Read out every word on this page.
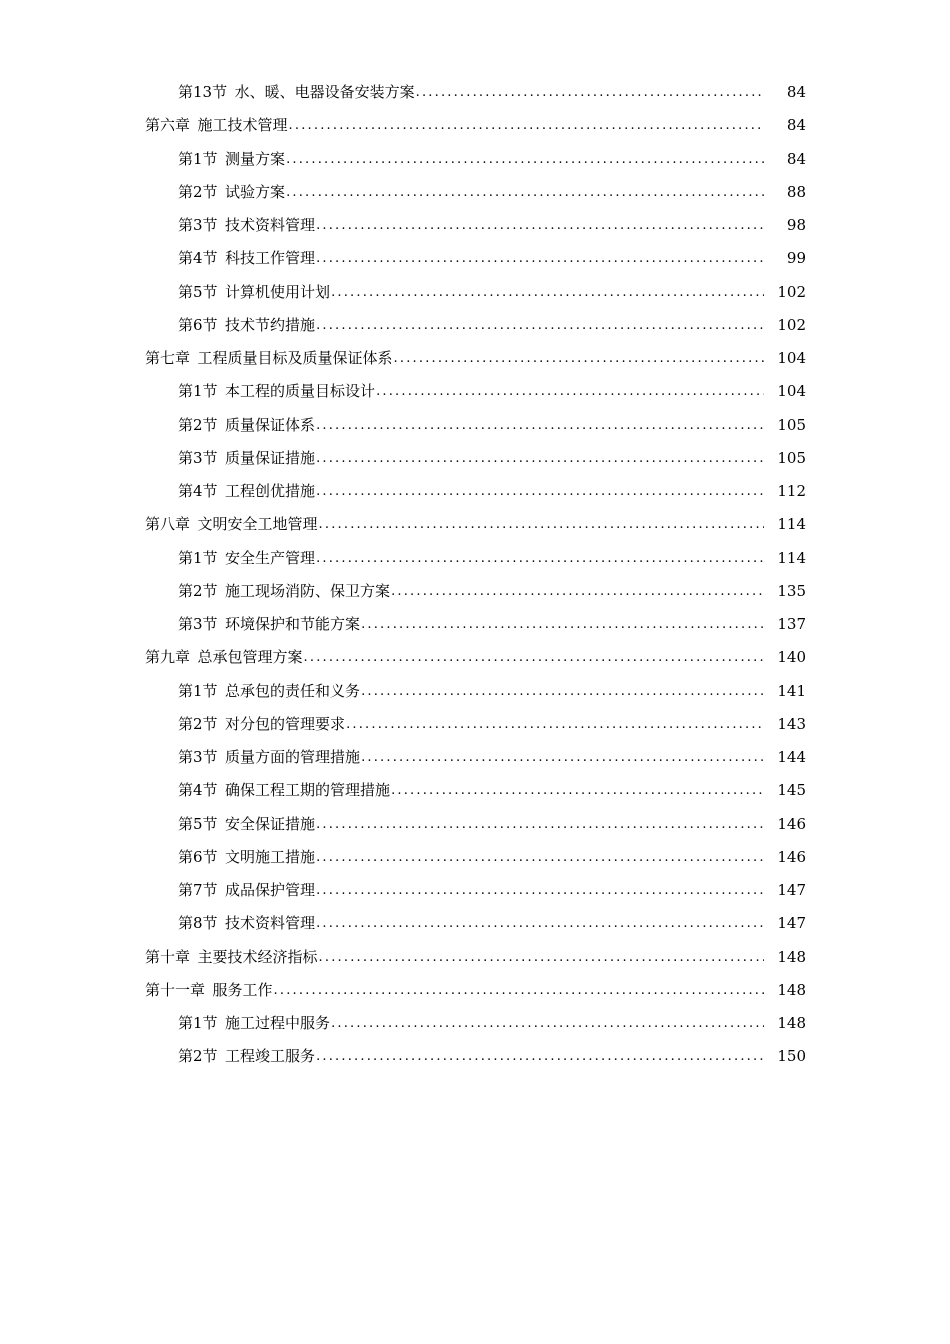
第13节 水、暖、电器设备安装方案 .....	84
第六章 施工技术管理 .....	84
第1节 测量方案 .....	84
第2节 试验方案 .....	88
第3节 技术资料管理 .....	98
第4节 科技工作管理 .....	99
第5节 计算机使用计划 .....	102
第6节 技术节约措施 .....	102
第七章 工程质量目标及质量保证体系 .....	104
第1节 本工程的质量目标设计 .....	104
第2节 质量保证体系 .....	105
第3节 质量保证措施 .....	105
第4节 工程创优措施 .....	112
第八章 文明安全工地管理 .....	114
第1节 安全生产管理 .....	114
第2节 施工现场消防、保卫方案 .....	135
第3节 环境保护和节能方案 .....	137
第九章 总承包管理方案 .....	140
第1节 总承包的责任和义务 .....	141
第2节 对分包的管理要求 .....	143
第3节 质量方面的管理措施 .....	144
第4节 确保工程工期的管理措施 .....	145
第5节 安全保证措施 .....	146
第6节 文明施工措施 .....	146
第7节 成品保护管理 .....	147
第8节 技术资料管理 .....	147
第十章 主要技术经济指标 .....	148
第十一章 服务工作 .....	148
第1节 施工过程中服务 .....	148
第2节 工程竣工服务 .....	150
